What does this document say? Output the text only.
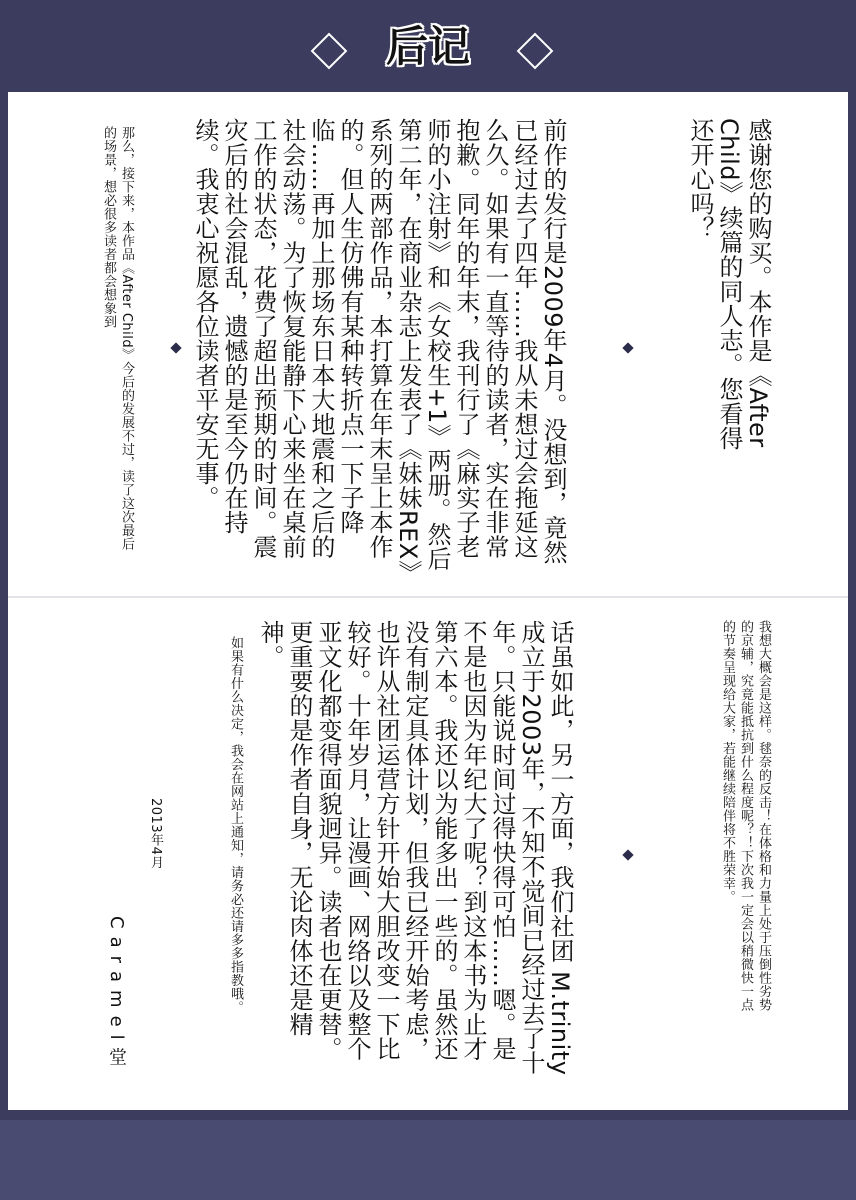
后记
感谢您的购买。本作是《After Child》续篇的同人志。您看得还开心吗？
前作的发行是2009年4月。没想到，竟然已经过去了四年……我从未想过会拖延这么久。如果有一直等待的读者，实在非常抱歉。同年的年末，我刊行了《麻实子老师的小注射》和《女校生+1》两册。然后第二年，在商业杂志上发表了《妹妹REX》系列的两部作品，本打算在年末呈上本作的。但人生仿佛有某种转折点一下子降临……再加上那场东日本大地震和之后的社会动荡。为了恢复能静下心来坐在桌前工作的状态，花费了超出预期的时间。震灾后的社会混乱，遗憾的是至今仍在持续。我衷心祝愿各位读者平安无事。
那么，接下来，本作品《After Child》今后的发展不过，读了这次最后的场景，想必很多读者都会想象到
我想大概会是这样。毬奈的反击！在体格和力量上处于压倒性劣势的京辅，究竟能抵抗到什么程度呢？！下次我一定会以稍微快一点的节奏呈现给大家，若能继续陪伴将不胜荣幸。
话虽如此，另一方面，我们社团 M.trinity 成立于2003年，不知不觉间已经过去了十年。只能说时间过得快得可怕……嗯。是不是也因为年纪大了呢？到这本书为止才第六本。我还以为能多出一些的。虽然还没有制定具体计划，但我已经开始考虑，也许从社团运营方针开始大胆改变一下比较好。十年岁月，让漫画、网络以及整个亚文化都变得面貌迥异。读者也在更替。更重要的是作者自身，无论肉体还是精神。
如果有什么决定，我会在网站上通知，请务必还请多多指教哦。
2013年4月
Caramel堂
